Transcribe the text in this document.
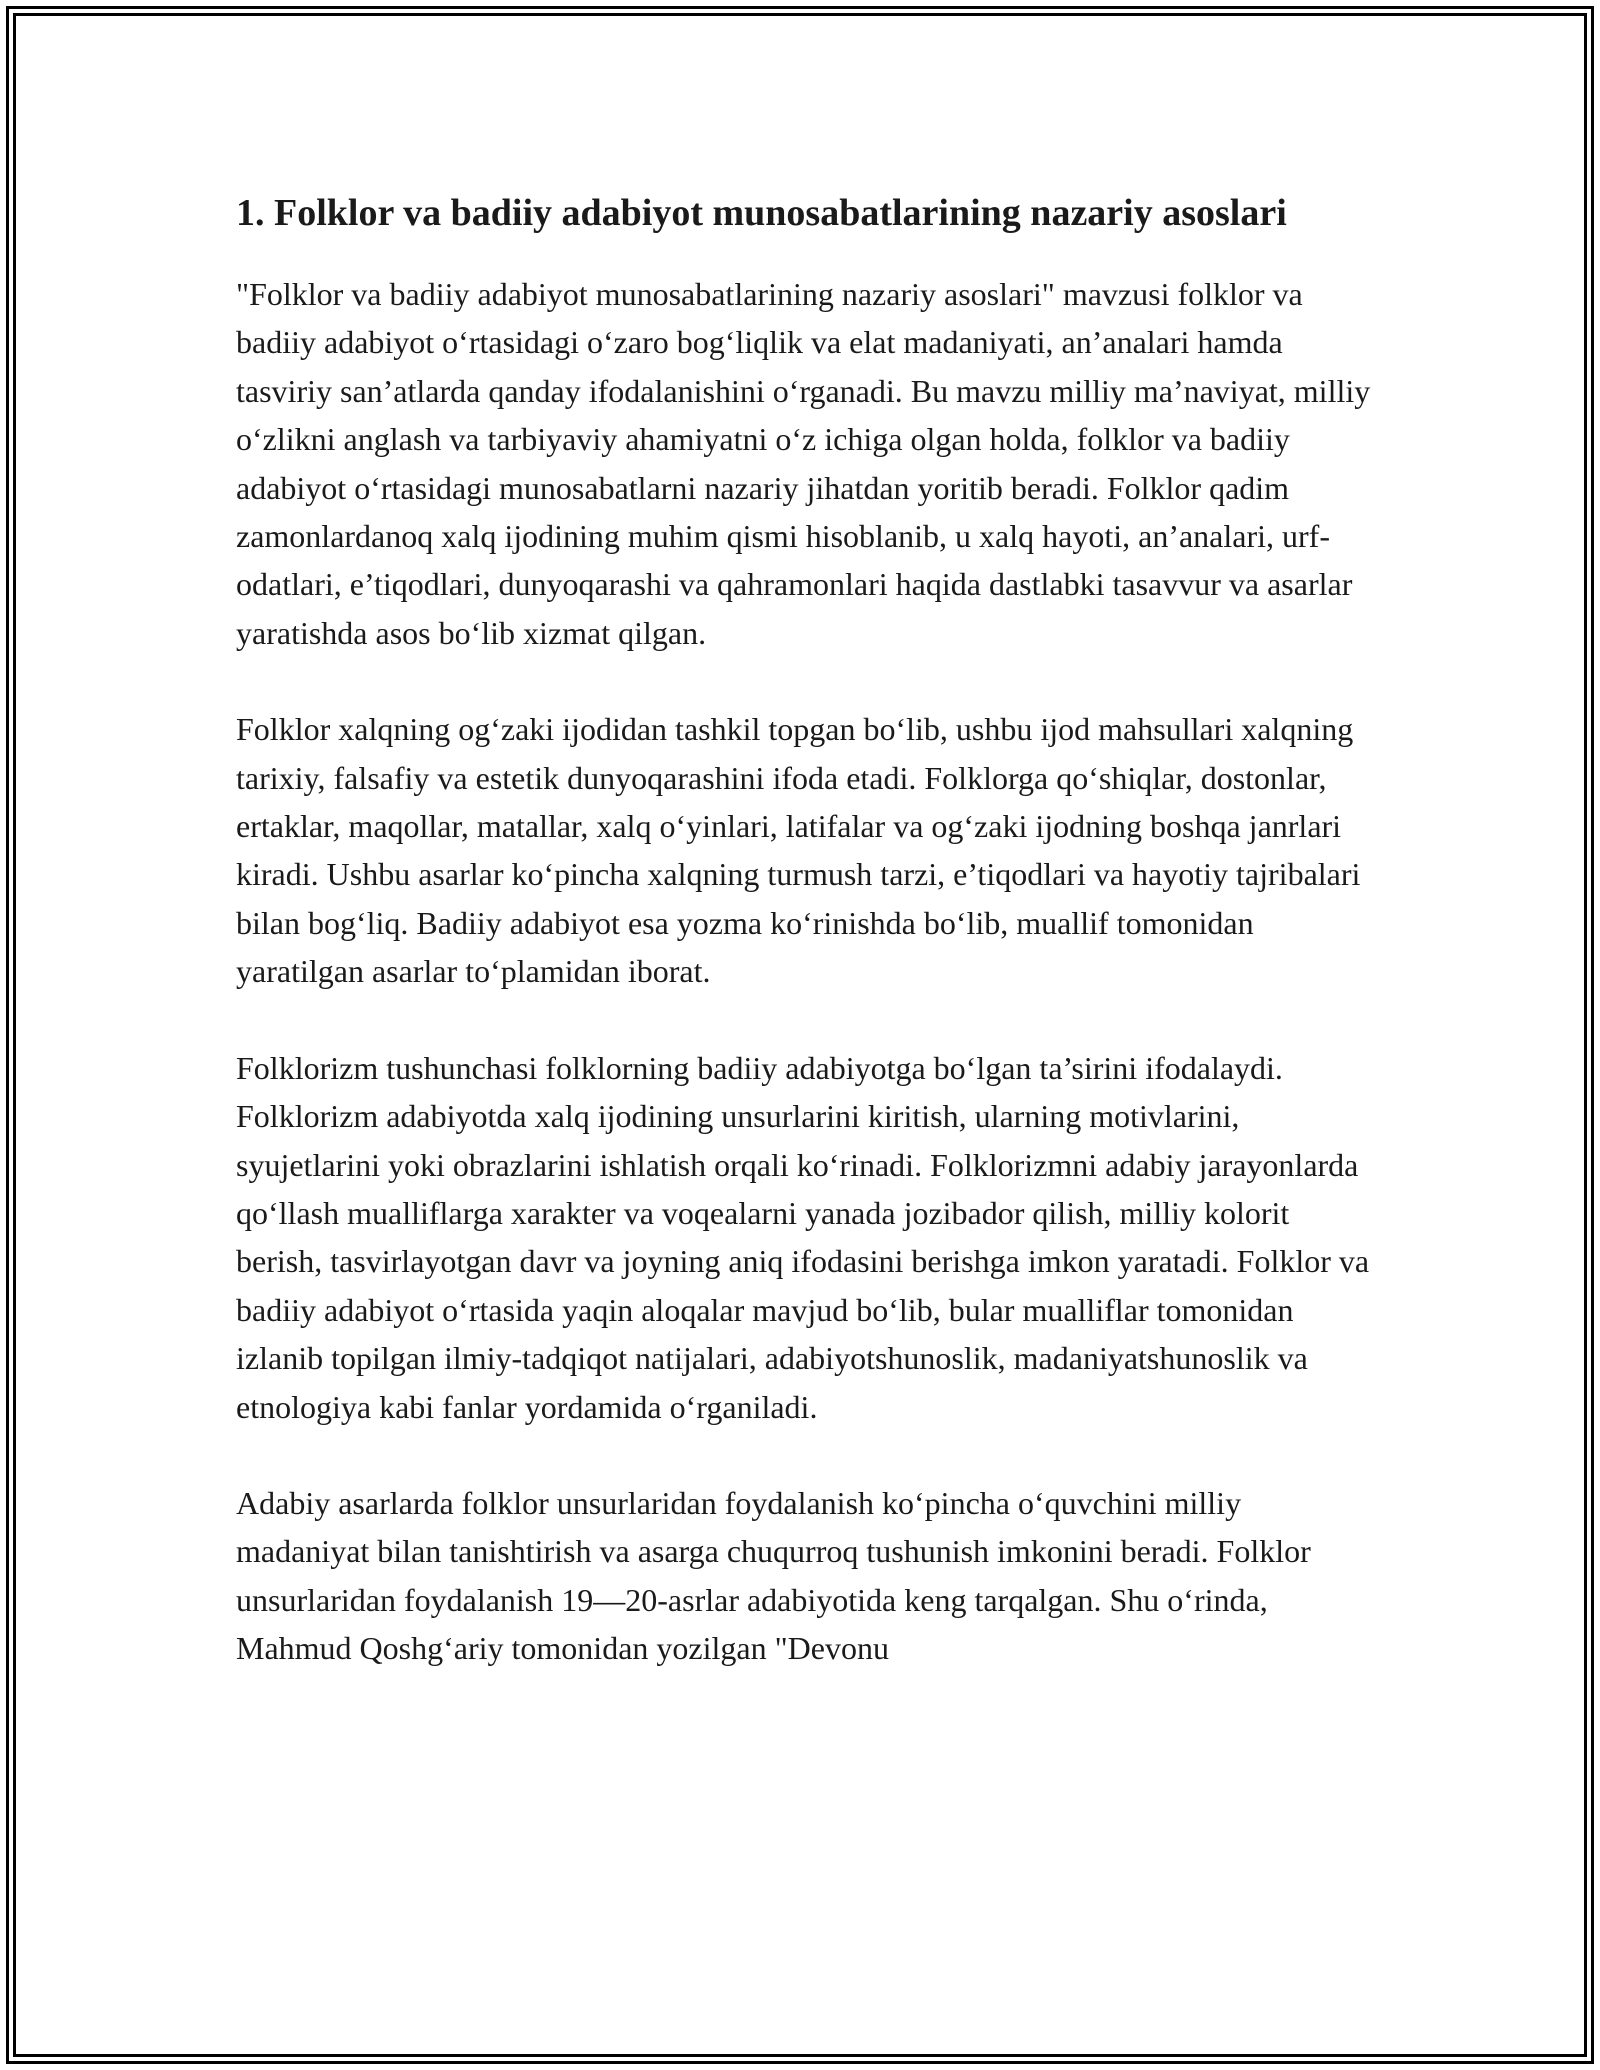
1. Folklor va badiiy adabiyot munosabatlarining nazariy asoslari

"Folklor va badiiy adabiyot munosabatlarining nazariy asoslari" mavzusi folklor va badiiy adabiyot oʻrtasidagi oʻzaro bogʻliqlik va elat madaniyati, an’analari hamda tasviriy san’atlarda qanday ifodalanishini oʻrganadi. Bu mavzu milliy ma’naviyat, milliy oʻzlikni anglash va tarbiyaviy ahamiyatni oʻz ichiga olgan holda, folklor va badiiy adabiyot oʻrtasidagi munosabatlarni nazariy jihatdan yoritib beradi. Folklor qadim zamonlardanoq xalq ijodining muhim qismi hisoblanib, u xalq hayoti, an’analari, urf-odatlari, e’tiqodlari, dunyoqarashi va qahramonlari haqida dastlabki tasavvur va asarlar yaratishda asos boʻlib xizmat qilgan.

Folklor xalqning ogʻzaki ijodidan tashkil topgan boʻlib, ushbu ijod mahsullari xalqning tarixiy, falsafiy va estetik dunyoqarashini ifoda etadi. Folklorga qoʻshiqlar, dostonlar, ertaklar, maqollar, matallar, xalq oʻyinlari, latifalar va ogʻzaki ijodning boshqa janrlari kiradi. Ushbu asarlar koʻpincha xalqning turmush tarzi, e’tiqodlari va hayotiy tajribalari bilan bogʻliq. Badiiy adabiyot esa yozma koʻrinishda boʻlib, muallif tomonidan yaratilgan asarlar toʻplamidan iborat.

Folklorizm tushunchasi folklorning badiiy adabiyotga boʻlgan ta’sirini ifodalaydi. Folklorizm adabiyotda xalq ijodining unsurlarini kiritish, ularning motivlarini, syujetlarini yoki obrazlarini ishlatish orqali koʻrinadi. Folklorizmni adabiy jarayonlarda qoʻllash mualliflarga xarakter va voqealarni yanada jozibador qilish, milliy kolorit berish, tasvirlayotgan davr va joyning aniq ifodasini berishga imkon yaratadi. Folklor va badiiy adabiyot oʻrtasida yaqin aloqalar mavjud boʻlib, bular mualliflar tomonidan izlanib topilgan ilmiy-tadqiqot natijalari, adabiyotshunoslik, madaniyatshunoslik va etnologiya kabi fanlar yordamida oʻrganiladi.

Adabiy asarlarda folklor unsurlaridan foydalanish koʻpincha oʻquvchini milliy madaniyat bilan tanishtirish va asarga chuqurroq tushunish imkonini beradi. Folklor unsurlaridan foydalanish 19—20-asrlar adabiyotida keng tarqalgan. Shu oʻrinda, Mahmud Qoshgʻariy tomonidan yozilgan "Devonu
